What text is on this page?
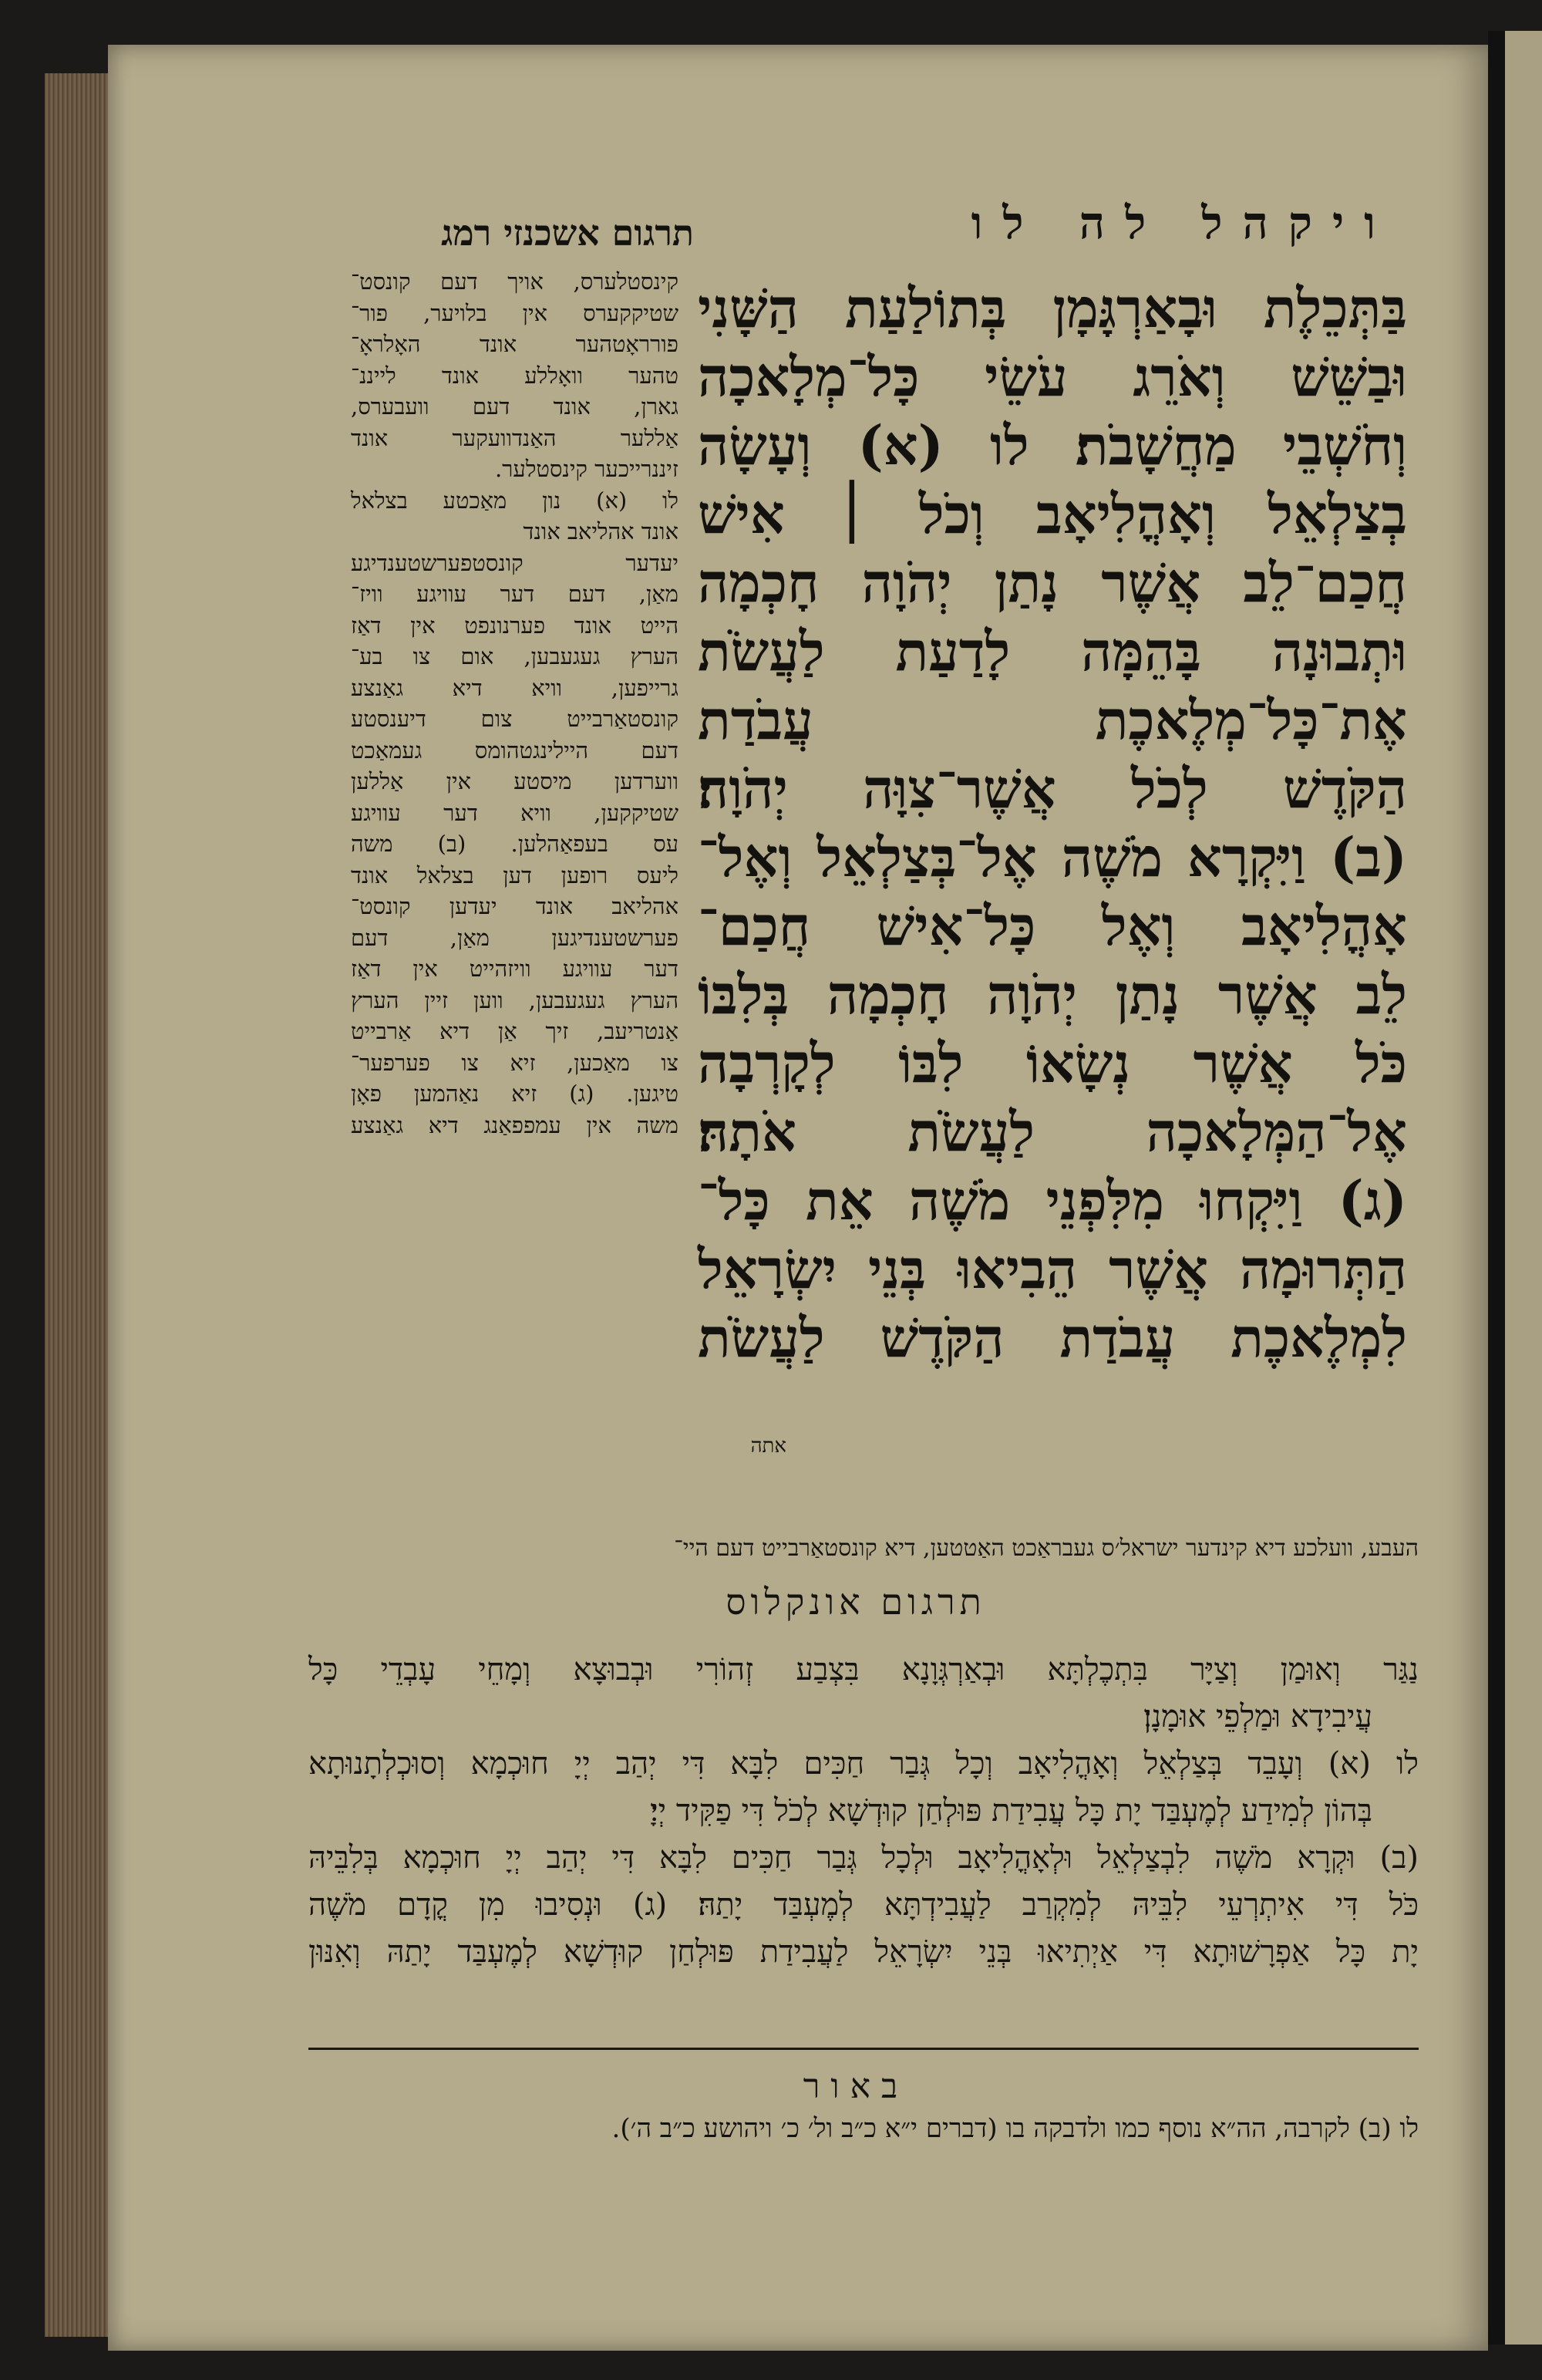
ויקהל לה לו
תרגום אשכנזי רמג
בַּתְּכֵלֶת וּבָאַרְגָּמָן בְּתוֹלַעַת הַשָּׁנִי
וּבַשֵּׁשׁ וְאֹרֵג עֹשֵׂי כָּל־מְלָאכָה
וְחֹשְׁבֵי מַחֲשָׁבֹת׃ לו (א) וְעָשָׂה
בְצַלְאֵל וְאָהֳלִיאָב וְכֹל ׀ אִישׁ
חֲכַם־לֵב אֲשֶׁר נָתַן יְהֹוָה חָכְמָה
וּתְבוּנָה בָּהֵמָּה לָדַעַת לַעֲשֹׂת
אֶת־כָּל־מְלֶאכֶת עֲבֹדַת
הַקֹּדֶשׁ לְכֹל אֲשֶׁר־צִוָּה יְהֹוָה׃
(ב) וַיִּקְרָא מֹשֶׁה אֶל־בְּצַלְאֵל וְאֶל־
אָהֳלִיאָב וְאֶל כָּל־אִישׁ חֲכַם־
לֵב אֲשֶׁר נָתַן יְהֹוָה חָכְמָה בְּלִבּוֹ
כֹּל אֲשֶׁר נְשָׂאוֹ לִבּוֹ לְקָרְבָה
אֶל־הַמְּלָאכָה לַעֲשֹׂת אֹתָהּ׃
(ג) וַיִּקְחוּ מִלִּפְנֵי מֹשֶׁה אֵת כָּל־
הַתְּרוּמָה אֲשֶׁר הֵבִיאוּ בְּנֵי יִשְׂרָאֵל
לִמְלֶאכֶת עֲבֹדַת הַקֹּדֶשׁ לַעֲשֹׂת
אתה
קינסטלערס, אויך דעם קונסט־
שטיקקערס אין בלויער, פור־
פורראָטהער אונד האָלראָ־
טהער וואָללע אונד לייננ־
גארן, אונד דעם וועבערס,
אַללער האַנדוועקער אונד
זיננרייכער קינסטלער.
לו (א) נון מאַכטע בצלאל
אונד אהליאב אונד
יעדער קונסטפערשטענדיגע
מאַן, דעם דער עוויגע וויז־
הייט אונד פערנונפט אין דאַז
הערץ געגעבען, אום צו בע־
גרייפען, וויא דיא גאַנצע
קונסטאַרבייט צום דיענסטע
דעם היילינגטהומס געמאַכט
ווערדען מיסטע אין אַללען
שטיקקען, וויא דער עוויגע
עס בעפאַהלען. (ב) משה
ליעס רופען דען בצלאל אונד
אהליאב אונד יעדען קונסט־
פערשטענדיגען מאַן, דעם
דער עוויגע וויזהייט אין דאַז
הערץ געגעבען, ווען זיין הערץ
אַנטריעב, זיך אַן דיא אַרבייט
צו מאַכען, זיא צו פערפער־
טיגען. (ג) זיא נאַהמען פאָן
משה אין עמפפאַנג דיא גאַנצע
העבע, וועלכע דיא קינדער ישראל׳ס געבראַכט האַטטען, דיא קונסטאַרבייט דעם היי־
תרגום אונקלוס
נַגַּר וְאוּמַן וְצַיָּר בִּתְכֶלְתָּא וּבְאַרְגְּוָנָא בִּצְבַע זְהוֹרִי וּבְבוּצָא וְמָחֵי עָבְדֵי כָּל
עֲיבִידָא וּמַלְפֵי אוּמָנָן׃
לו (א) וְעָבֵד בְּצַלְאֵל וְאָהֳלִיאָב וְכָל גְּבַר חַכִּים לִבָּא דִּי יְהַב יְיָ חוּכְמָא וְסוּכְלְתָנוּתָא
בְּהוֹן לְמִידַע לְמֶעְבַּד יָת כָּל עֲבִידַת פּוּלְחַן קוּדְשָׁא לְכֹל דִּי פַקִּיד יְיָ׃
(ב) וּקְרָא מֹשֶׁה לִבְצַלְאֵל וּלְאָהֳלִיאָב וּלְכָל גְּבַר חַכִּים לִבָּא דִּי יְהַב יְיָ חוּכְמָא בְּלִבֵּיהּ
כֹּל דִּי אִיתְרְעֵי לִבֵּיהּ לְמִקְרַב לַעֲבִידְתָּא לְמֶעְבַּד יָתַהּ׃ (ג) וּנְסִיבוּ מִן קֳדָם מֹשֶׁה
יָת כָּל אַפְרָשׁוּתָא דִּי אַיְתִיאוּ בְּנֵי יִשְׂרָאֵל לַעֲבִידַת פּוּלְחַן קוּדְשָׁא לְמֶעְבַּד יָתַהּ וְאִנּוּן
באור
לו (ב) לקרבה, הה״א נוסף כמו ולדבקה בו (דברים י״א כ״ב ול׳ כ׳ ויהושע כ״ב ה׳).
